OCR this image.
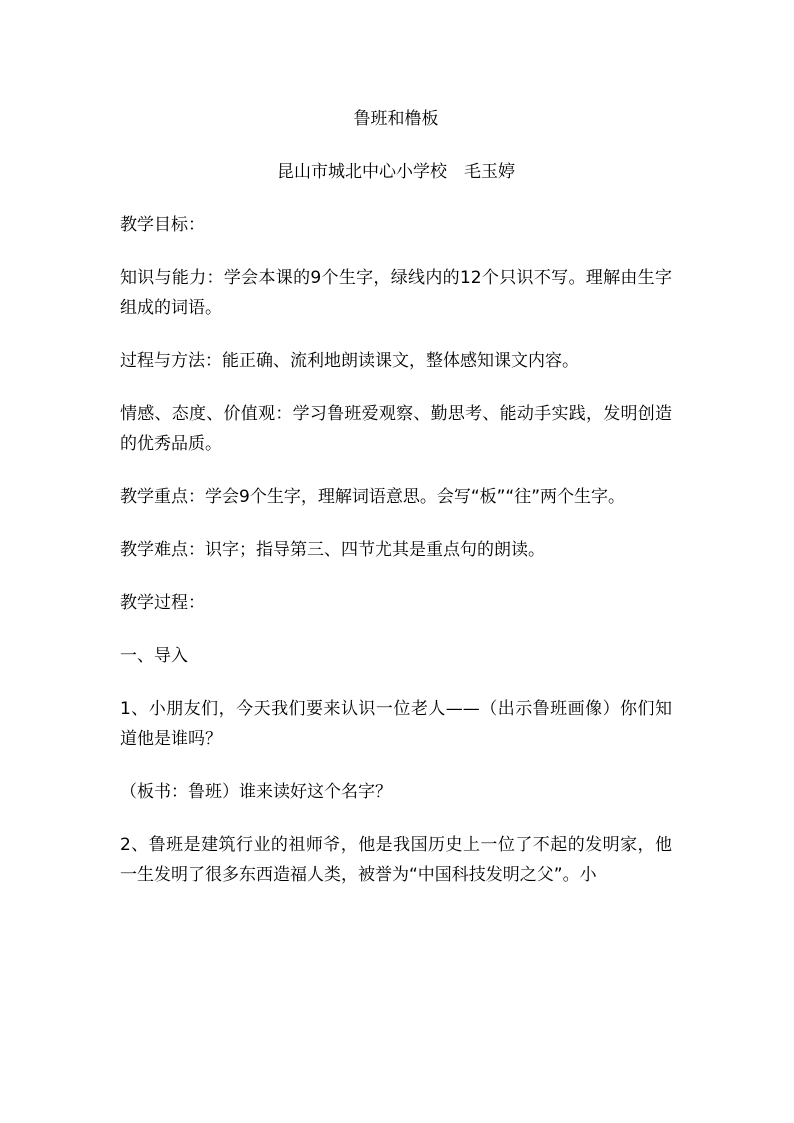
鲁班和橹板
昆山市城北中心小学校　毛玉婷
教学目标：
知识与能力：学会本课的9个生字，绿线内的12个只识不写。理解由生字组成的词语。
过程与方法：能正确、流利地朗读课文，整体感知课文内容。
情感、态度、价值观：学习鲁班爱观察、勤思考、能动手实践，发明创造的优秀品质。
教学重点：学会9个生字，理解词语意思。会写“板”“往”两个生字。
教学难点：识字；指导第三、四节尤其是重点句的朗读。
教学过程：
一、导入
1、小朋友们，今天我们要来认识一位老人——（出示鲁班画像）你们知道他是谁吗？
（板书：鲁班）谁来读好这个名字？
2、鲁班是建筑行业的祖师爷，他是我国历史上一位了不起的发明家，他一生发明了很多东西造福人类，被誉为“中国科技发明之父”。小
